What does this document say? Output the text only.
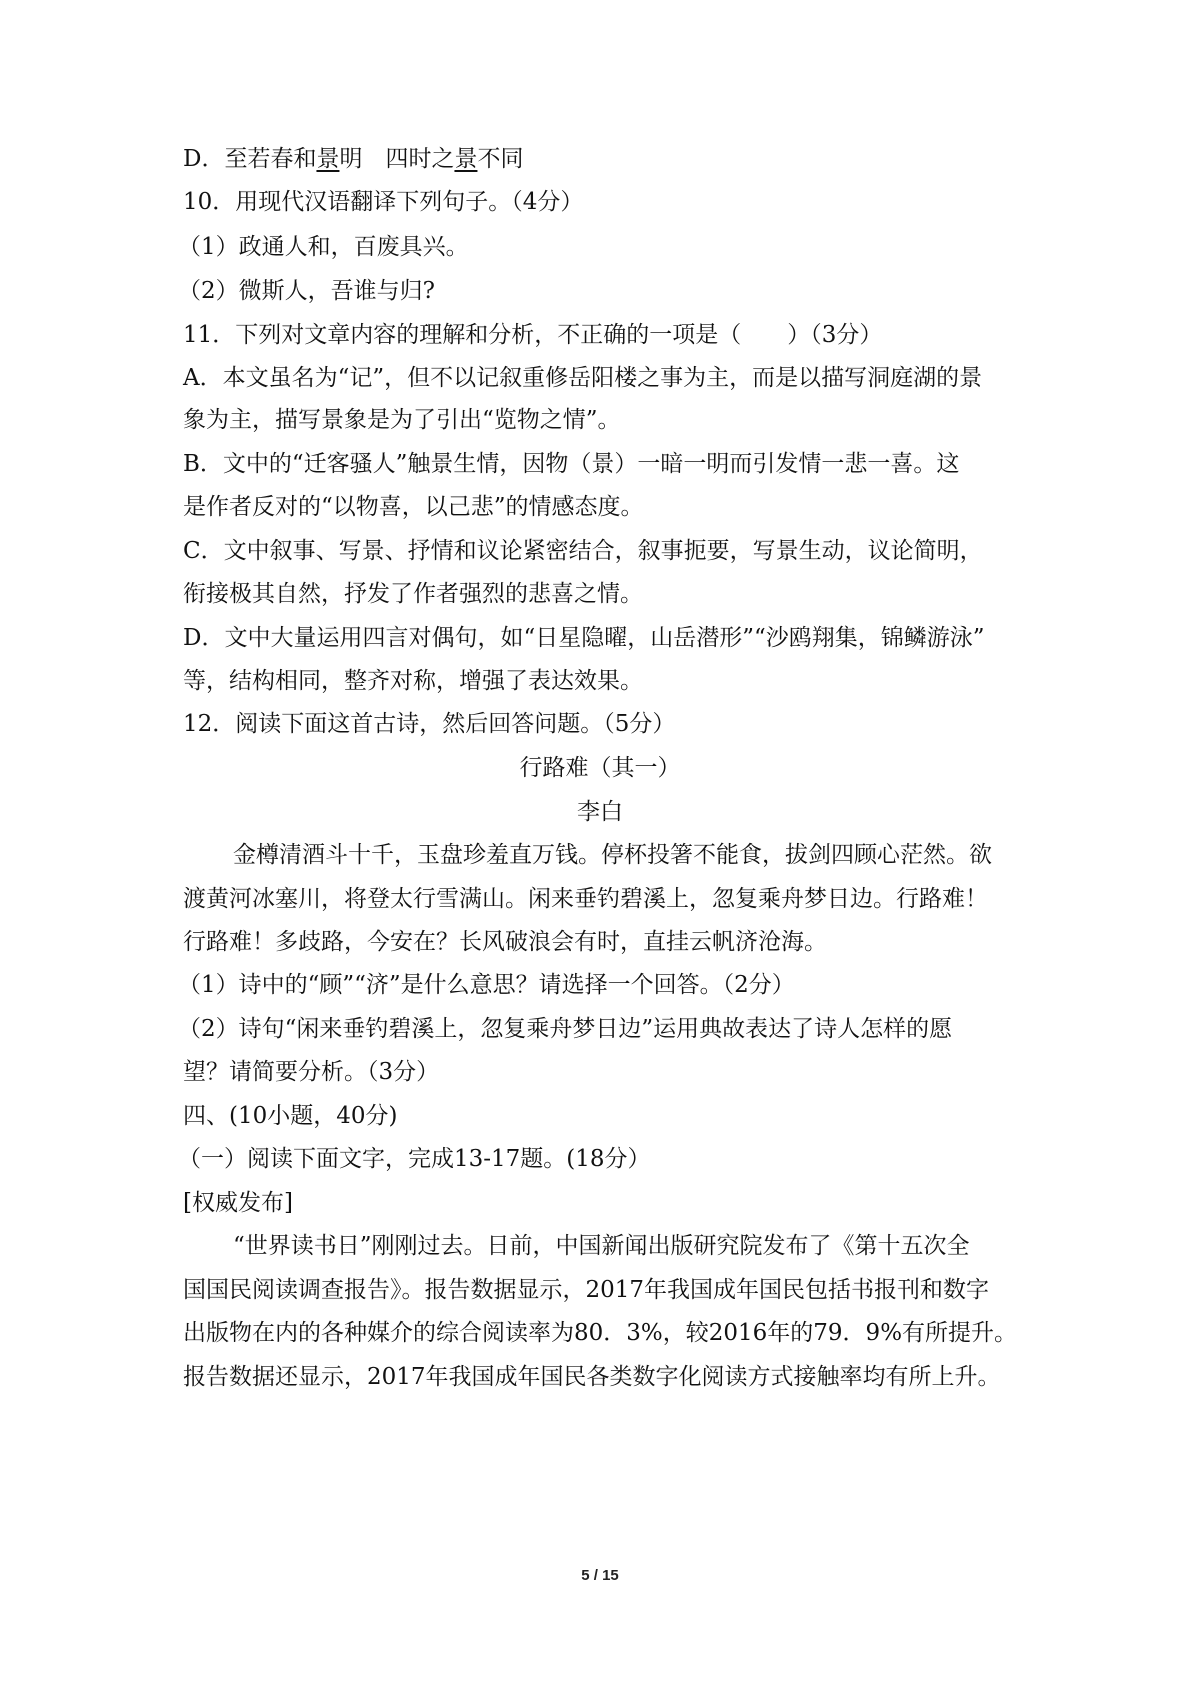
D．至若春和景明　四时之景不同
10．用现代汉语翻译下列句子。（4分）
（1）政通人和，百废具兴。
（2）微斯人，吾谁与归?
11．下列对文章内容的理解和分析，不正确的一项是（　　）（3分）
A．本文虽名为“记”，但不以记叙重修岳阳楼之事为主，而是以描写洞庭湖的景
象为主，描写景象是为了引出“览物之情”。
B．文中的“迁客骚人”触景生情，因物（景）一暗一明而引发情一悲一喜。这
是作者反对的“以物喜，以己悲”的情感态度。
C．文中叙事、写景、抒情和议论紧密结合，叙事扼要，写景生动，议论简明，
衔接极其自然，抒发了作者强烈的悲喜之情。
D．文中大量运用四言对偶句，如“日星隐曜，山岳潜形”“沙鸥翔集，锦鳞游泳”
等，结构相同，整齐对称，增强了表达效果。
12．阅读下面这首古诗，然后回答问题。（5分）
行路难（其一）
李白
金樽清酒斗十千，玉盘珍羞直万钱。停杯投箸不能食，拔剑四顾心茫然。欲
渡黄河冰塞川，将登太行雪满山。闲来垂钓碧溪上，忽复乘舟梦日边。行路难！
行路难！多歧路，今安在？长风破浪会有时，直挂云帆济沧海。
（1）诗中的“顾”“济”是什么意思？请选择一个回答。（2分）
（2）诗句“闲来垂钓碧溪上，忽复乘舟梦日边”运用典故表达了诗人怎样的愿
望？请简要分析。（3分）
四、(10小题，40分)
（一）阅读下面文字，完成13-17题。(18分）
[权威发布]
“世界读书日”刚刚过去。日前，中国新闻出版研究院发布了《第十五次全
国国民阅读调查报告》。报告数据显示，2017年我国成年国民包括书报刊和数字
出版物在内的各种媒介的综合阅读率为80．3%，较2016年的79．9%有所提升。
报告数据还显示，2017年我国成年国民各类数字化阅读方式接触率均有所上升。
5 / 15
